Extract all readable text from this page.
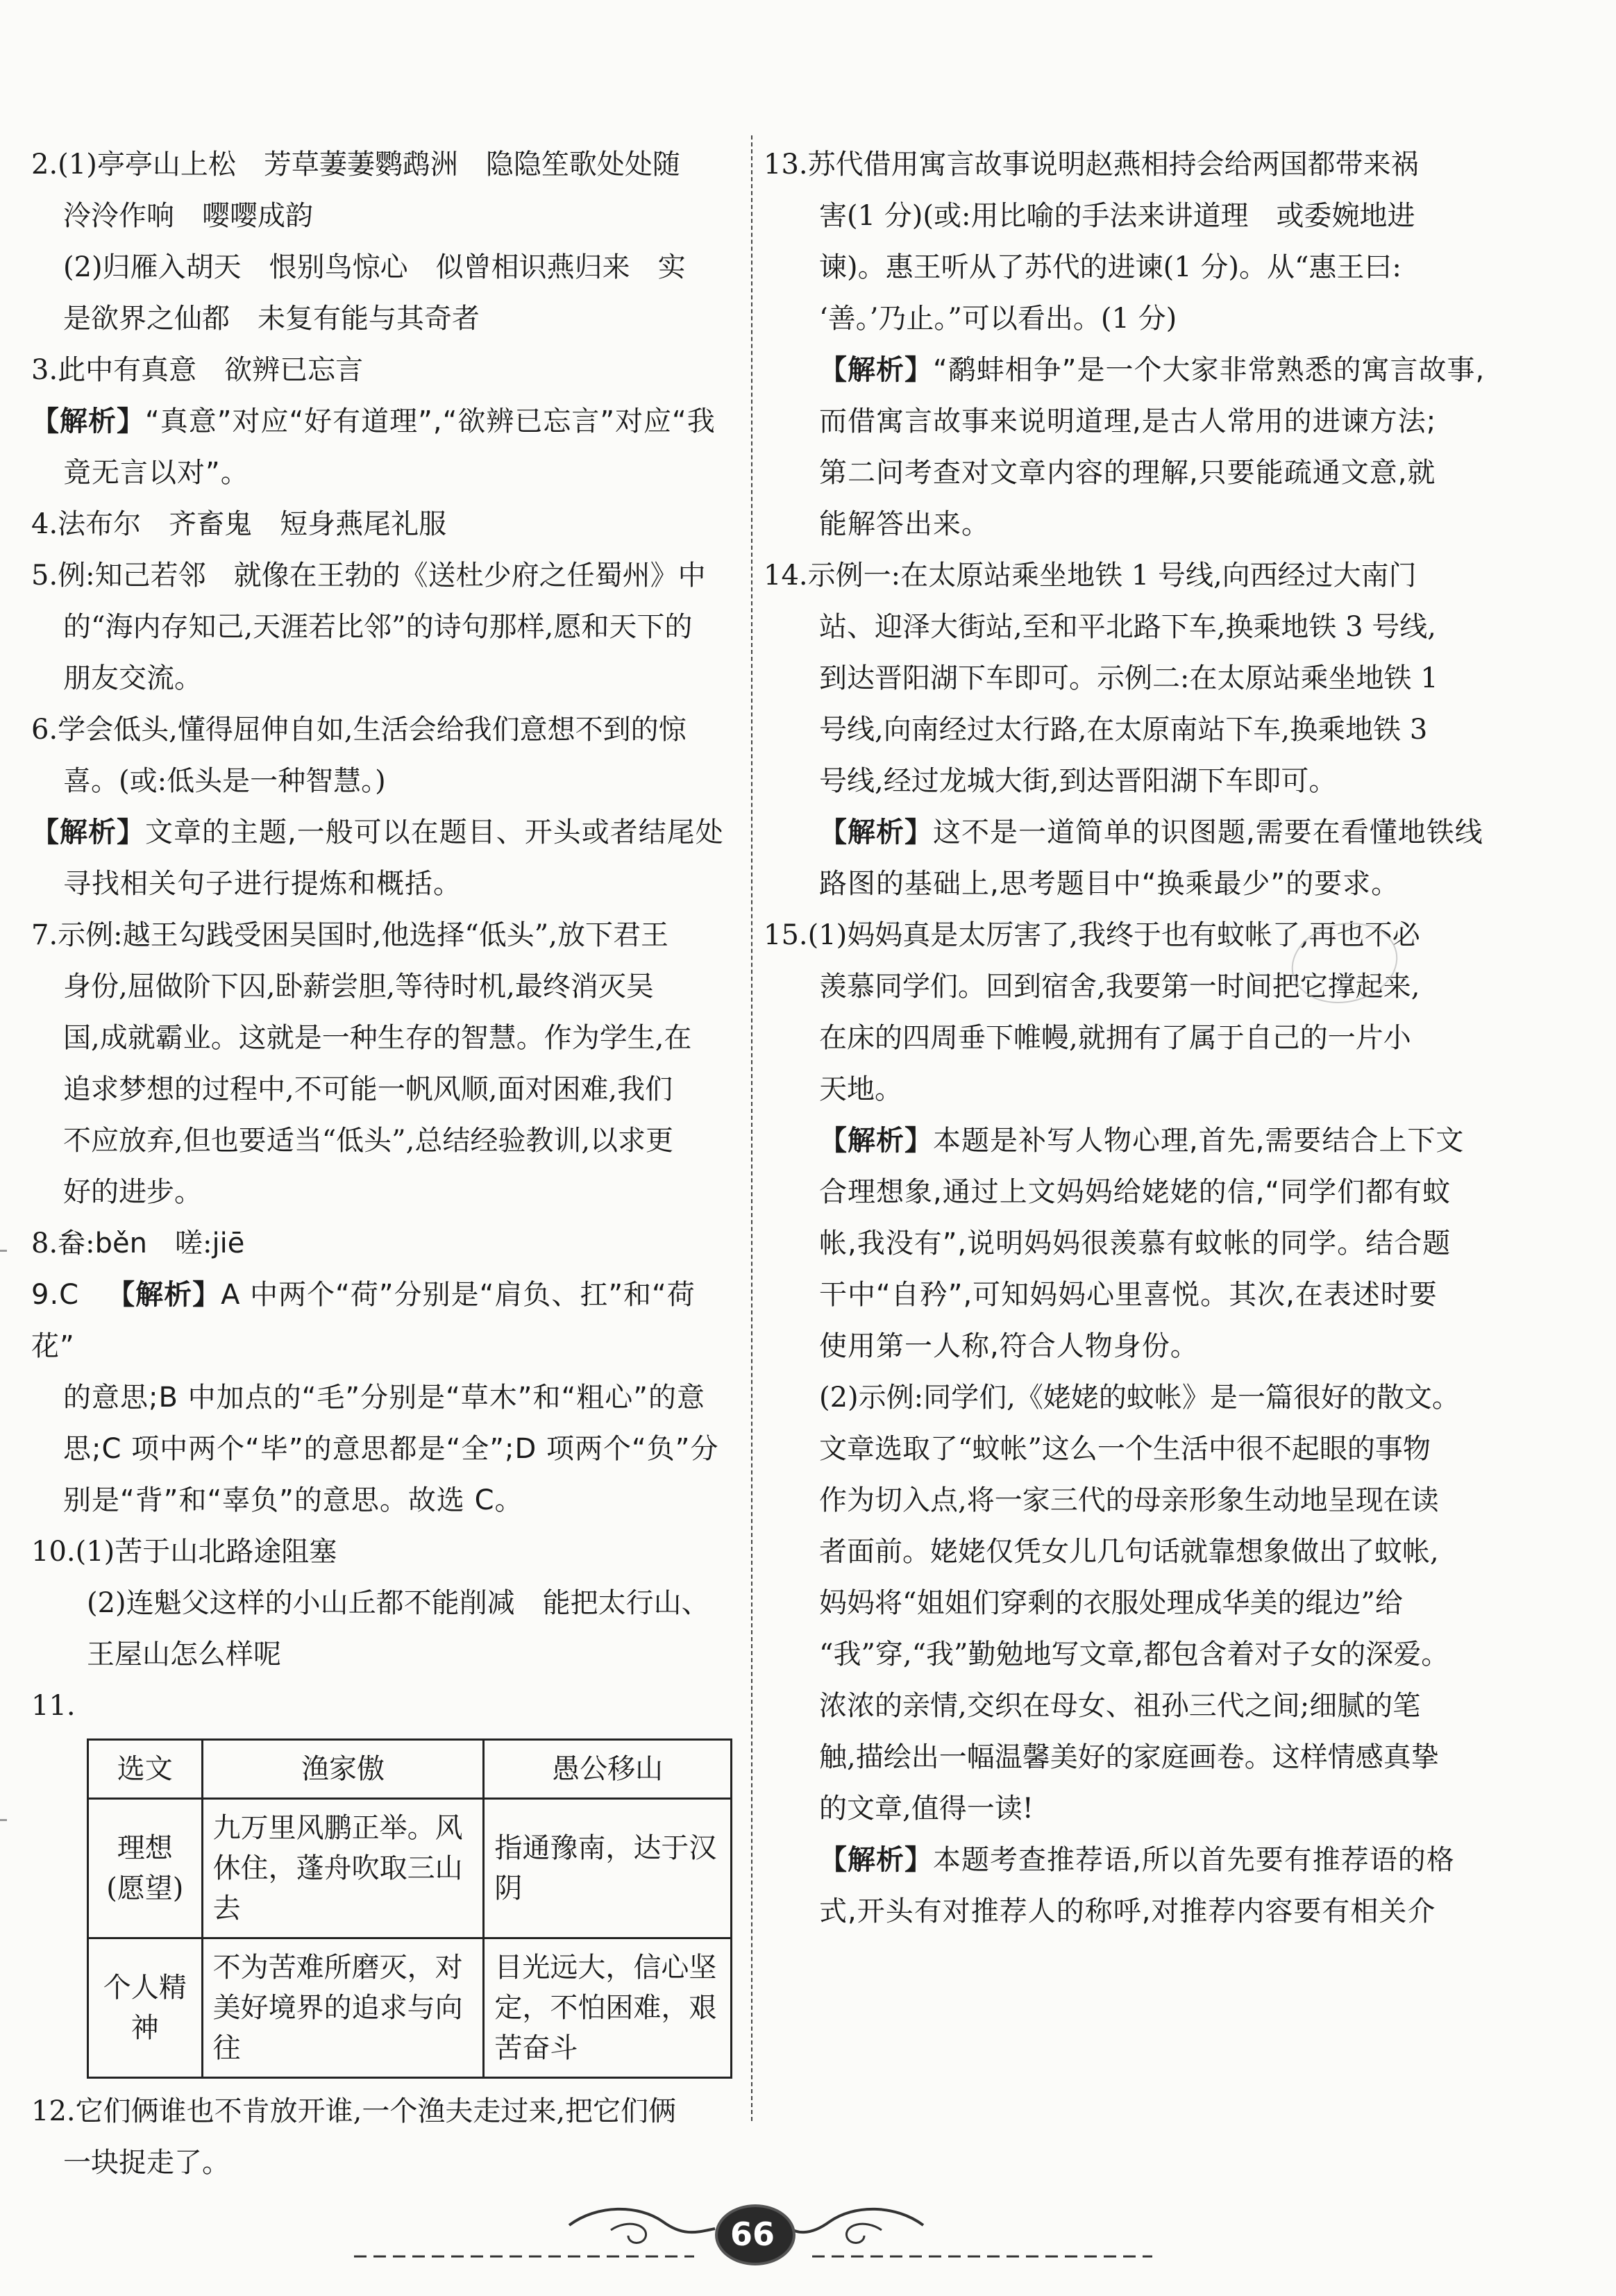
2.(1)亭亭山上松　芳草萋萋鹦鹉洲　隐隐笙歌处处随

泠泠作响　嘤嘤成韵

(2)归雁入胡天　恨别鸟惊心　似曾相识燕归来　实

是欲界之仙都　未复有能与其奇者

3.此中有真意　欲辨已忘言

【解析】“真意”对应“好有道理”,“欲辨已忘言”对应“我

竟无言以对”。

4.法布尔　齐畜鬼　短身燕尾礼服

5.例:知己若邻　就像在王勃的《送杜少府之任蜀州》中

的“海内存知己,天涯若比邻”的诗句那样,愿和天下的

朋友交流。

6.学会低头,懂得屈伸自如,生活会给我们意想不到的惊

喜。(或:低头是一种智慧。)

【解析】文章的主题,一般可以在题目、开头或者结尾处

寻找相关句子进行提炼和概括。

7.示例:越王勾践受困吴国时,他选择“低头”,放下君王

身份,屈做阶下囚,卧薪尝胆,等待时机,最终消灭吴

国,成就霸业。这就是一种生存的智慧。作为学生,在

追求梦想的过程中,不可能一帆风顺,面对困难,我们

不应放弃,但也要适当“低头”,总结经验教训,以求更

好的进步。

8.畚:běn 嗟:jiē

9.C 【解析】A 中两个“荷”分别是“肩负、扛”和“荷花”

的意思;B 中加点的“毛”分别是“草木”和“粗心”的意

思;C 项中两个“毕”的意思都是“全”;D 项两个“负”分

别是“背”和“辜负”的意思。故选 C。

10.(1)苦于山北路途阻塞

(2)连魁父这样的小山丘都不能削减　能把太行山、

王屋山怎么样呢

11.

选文	渔家傲	愚公移山
理想(愿望)	九万里风鹏正举。风休住，蓬舟吹取三山去	指通豫南，达于汉阴
个人精神	不为苦难所磨灭，对美好境界的追求与向往	目光远大，信心坚定，不怕困难，艰苦奋斗

12.它们俩谁也不肯放开谁,一个渔夫走过来,把它们俩

一块捉走了。

13.苏代借用寓言故事说明赵燕相持会给两国都带来祸

害(1 分)(或:用比喻的手法来讲道理　或委婉地进

谏)。惠王听从了苏代的进谏(1 分)。从“惠王曰:

‘善。’乃止。”可以看出。(1 分)

【解析】“鹬蚌相争”是一个大家非常熟悉的寓言故事,

而借寓言故事来说明道理,是古人常用的进谏方法;

第二问考查对文章内容的理解,只要能疏通文意,就

能解答出来。

14.示例一:在太原站乘坐地铁 1 号线,向西经过大南门

站、迎泽大街站,至和平北路下车,换乘地铁 3 号线,

到达晋阳湖下车即可。示例二:在太原站乘坐地铁 1

号线,向南经过太行路,在太原南站下车,换乘地铁 3

号线,经过龙城大街,到达晋阳湖下车即可。

【解析】这不是一道简单的识图题,需要在看懂地铁线

路图的基础上,思考题目中“换乘最少”的要求。

15.(1)妈妈真是太厉害了,我终于也有蚊帐了,再也不必

羡慕同学们。回到宿舍,我要第一时间把它撑起来,

在床的四周垂下帷幔,就拥有了属于自己的一片小

天地。

【解析】本题是补写人物心理,首先,需要结合上下文

合理想象,通过上文妈妈给姥姥的信,“同学们都有蚊

帐,我没有”,说明妈妈很羡慕有蚊帐的同学。结合题

干中“自矜”,可知妈妈心里喜悦。其次,在表述时要

使用第一人称,符合人物身份。

(2)示例:同学们,《姥姥的蚊帐》是一篇很好的散文。

文章选取了“蚊帐”这么一个生活中很不起眼的事物

作为切入点,将一家三代的母亲形象生动地呈现在读

者面前。姥姥仅凭女儿几句话就靠想象做出了蚊帐,

妈妈将“姐姐们穿剩的衣服处理成华美的绲边”给

“我”穿,“我”勤勉地写文章,都包含着对子女的深爱。

浓浓的亲情,交织在母女、祖孙三代之间;细腻的笔

触,描绘出一幅温馨美好的家庭画卷。这样情感真挚

的文章,值得一读!

【解析】本题考查推荐语,所以首先要有推荐语的格

式,开头有对推荐人的称呼,对推荐内容要有相关介

66
